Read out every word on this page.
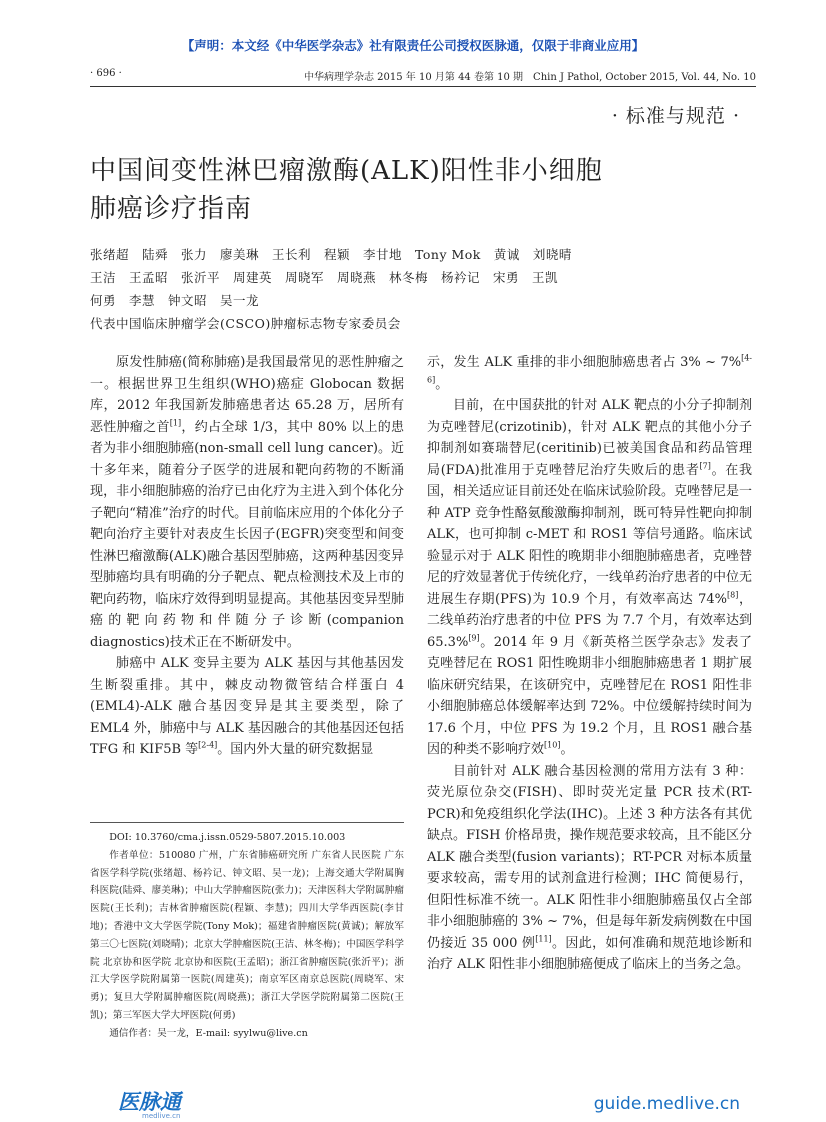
【声明：本文经《中华医学杂志》社有限责任公司授权医脉通，仅限于非商业应用】
· 696 ·	中华病理学杂志 2015 年 10 月第 44 卷第 10 期　Chin J Pathol, October 2015, Vol. 44, No. 10
· 标准与规范 ·
中国间变性淋巴瘤激酶(ALK)阳性非小细胞
肺癌诊疗指南
张绪超　陆舜　张力　廖美琳　王长利　程颖　李甘地　Tony Mok　黄诚　刘晓晴
王洁　王孟昭　张沂平　周建英　周晓军　周晓燕　林冬梅　杨衿记　宋勇　王凯
何勇　李慧　钟文昭　吴一龙
代表中国临床肿瘤学会(CSCO)肿瘤标志物专家委员会

原发性肺癌(简称肺癌)是我国最常见的恶性肿瘤之一。根据世界卫生组织(WHO)癌症 Globocan 数据库，2012 年我国新发肺癌患者达 65.28 万，居所有恶性肿瘤之首[1]，约占全球 1/3，其中 80% 以上的患者为非小细胞肺癌(non-small cell lung cancer)。近十多年来，随着分子医学的进展和靶向药物的不断涌现，非小细胞肺癌的治疗已由化疗为主进入到个体化分子靶向“精准”治疗的时代。目前临床应用的个体化分子靶向治疗主要针对表皮生长因子(EGFR)突变型和间变性淋巴瘤激酶(ALK)融合基因型肺癌，这两种基因变异型肺癌均具有明确的分子靶点、靶点检测技术及上市的靶向药物，临床疗效得到明显提高。其他基因变异型肺癌的靶向药物和伴随分子诊断(companion diagnostics)技术正在不断研发中。

肺癌中 ALK 变异主要为 ALK 基因与其他基因发生断裂重排。其中，棘皮动物微管结合样蛋白 4 (EML4)-ALK 融合基因变异是其主要类型，除了 EML4 外，肺癌中与 ALK 基因融合的其他基因还包括 TFG 和 KIF5B 等[2-4]。国内外大量的研究数据显

DOI: 10.3760/cma.j.issn.0529-5807.2015.10.003

作者单位：510080 广州，广东省肺癌研究所 广东省人民医院 广东省医学科学院(张绪超、杨衿记、钟文昭、吴一龙)；上海交通大学附属胸科医院(陆舜、廖美琳)；中山大学肿瘤医院(张力)；天津医科大学附属肿瘤医院(王长利)；吉林省肿瘤医院(程颖、李慧)；四川大学华西医院(李甘地)；香港中文大学医学院(Tony Mok)；福建省肿瘤医院(黄诚)；解放军第三〇七医院(刘晓晴)；北京大学肿瘤医院(王洁、林冬梅)；中国医学科学院 北京协和医学院 北京协和医院(王孟昭)；浙江省肿瘤医院(张沂平)；浙江大学医学院附属第一医院(周建英)；南京军区南京总医院(周晓军、宋勇)；复旦大学附属肿瘤医院(周晓燕)；浙江大学医学院附属第二医院(王凯)；第三军医大学大坪医院(何勇)

通信作者：吴一龙，E-mail: syylwu@live.cn

示，发生 ALK 重排的非小细胞肺癌患者占 3% ~ 7%[4-6]。

目前，在中国获批的针对 ALK 靶点的小分子抑制剂为克唑替尼(crizotinib)，针对 ALK 靶点的其他小分子抑制剂如赛瑞替尼(ceritinib)已被美国食品和药品管理局(FDA)批准用于克唑替尼治疗失败后的患者[7]。在我国，相关适应证目前还处在临床试验阶段。克唑替尼是一种 ATP 竞争性酪氨酸激酶抑制剂，既可特异性靶向抑制 ALK，也可抑制 c-MET 和 ROS1 等信号通路。临床试验显示对于 ALK 阳性的晚期非小细胞肺癌患者，克唑替尼的疗效显著优于传统化疗，一线单药治疗患者的中位无进展生存期(PFS)为 10.9 个月，有效率高达 74%[8]，二线单药治疗患者的中位 PFS 为 7.7 个月，有效率达到 65.3%[9]。2014 年 9 月《新英格兰医学杂志》发表了克唑替尼在 ROS1 阳性晚期非小细胞肺癌患者 1 期扩展临床研究结果，在该研究中，克唑替尼在 ROS1 阳性非小细胞肺癌总体缓解率达到 72%。中位缓解持续时间为 17.6 个月，中位 PFS 为 19.2 个月，且 ROS1 融合基因的种类不影响疗效[10]。

目前针对 ALK 融合基因检测的常用方法有 3 种：荧光原位杂交(FISH)、即时荧光定量 PCR 技术(RT-PCR)和免疫组织化学法(IHC)。上述 3 种方法各有其优缺点。FISH 价格昂贵，操作规范要求较高，且不能区分 ALK 融合类型(fusion variants)；RT-PCR 对标本质量要求较高，需专用的试剂盒进行检测；IHC 简便易行，但阳性标准不统一。ALK 阳性非小细胞肺癌虽仅占全部非小细胞肺癌的 3% ~ 7%，但是每年新发病例数在中国仍接近 35 000 例[11]。因此，如何准确和规范地诊断和治疗 ALK 阳性非小细胞肺癌便成了临床上的当务之急。

医脉通
medlive.cn
guide.medlive.cn
